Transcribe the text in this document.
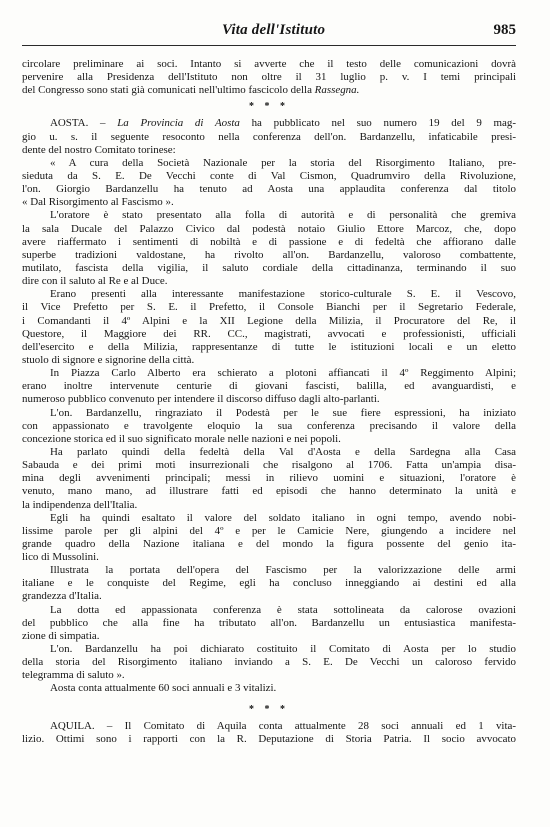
Vita dell'Istituto	985
circolare preliminare ai soci. Intanto si avverte che il testo delle comunicazioni dovrà
pervenire alla Presidenza dell'Istituto non oltre il 31 luglio p. v. I temi principali
del Congresso sono stati già comunicati nell'ultimo fascicolo della Rassegna.
* * *
AOSTA. – La Provincia di Aosta ha pubblicato nel suo numero 19 del 9 mag-
gio u. s. il seguente resoconto nella conferenza dell'on. Bardanzellu, infaticabile presi-
dente del nostro Comitato torinese:
« A cura della Società Nazionale per la storia del Risorgimento Italiano, pre-
sieduta da S. E. De Vecchi conte di Val Cismon, Quadrumviro della Rivoluzione,
l'on. Giorgio Bardanzellu ha tenuto ad Aosta una applaudita conferenza dal titolo
« Dal Risorgimento al Fascismo ».
L'oratore è stato presentato alla folla di autorità e di personalità che gremiva
la sala Ducale del Palazzo Civico dal podestà notaio Giulio Ettore Marcoz, che, dopo
avere riaffermato i sentimenti di nobiltà e di passione e di fedeltà che affiorano dalle
superbe tradizioni valdostane, ha rivolto all'on. Bardanzellu, valoroso combattente,
mutilato, fascista della vigilia, il saluto cordiale della cittadinanza, terminando il suo
dire con il saluto al Re e al Duce.
Erano presenti alla interessante manifestazione storico-culturale S. E. il Vescovo,
il Vice Prefetto per S. E. il Prefetto, il Console Bianchi per il Segretario Federale,
i Comandanti il 4º Alpini e la XII Legione della Milizia, il Procuratore del Re, il
Questore, il Maggiore dei RR. CC., magistrati, avvocati e professionisti, ufficiali
dell'esercito e della Milizia, rappresentanze di tutte le istituzioni locali e un eletto
stuolo di signore e signorine della città.
In Piazza Carlo Alberto era schierato a plotoni affiancati il 4º Reggimento Alpini;
erano inoltre intervenute centurie di giovani fascisti, balilla, ed avanguardisti, e
numeroso pubblico convenuto per intendere il discorso diffuso dagli alto-parlanti.
L'on. Bardanzellu, ringraziato il Podestà per le sue fiere espressioni, ha iniziato
con appassionato e travolgente eloquio la sua conferenza precisando il valore della
concezione storica ed il suo significato morale nelle nazioni e nei popoli.
Ha parlato quindi della fedeltà della Val d'Aosta e della Sardegna alla Casa
Sabauda e dei primi moti insurrezionali che risalgono al 1706. Fatta un'ampia disa-
mina degli avvenimenti principali; messi in rilievo uomini e situazioni, l'oratore è
venuto, mano mano, ad illustrare fatti ed episodi che hanno determinato la unità e
la indipendenza dell'Italia.
Egli ha quindi esaltato il valore del soldato italiano in ogni tempo, avendo nobi-
lissime parole per gli alpini del 4º e per le Camicie Nere, giungendo a incidere nel
grande quadro della Nazione italiana e del mondo la figura possente del genio ita-
lico di Mussolini.
Illustrata la portata dell'opera del Fascismo per la valorizzazione delle armi
italiane e le conquiste del Regime, egli ha concluso inneggiando ai destini ed alla
grandezza d'Italia.
La dotta ed appassionata conferenza è stata sottolineata da calorose ovazioni
del pubblico che alla fine ha tributato all'on. Bardanzellu un entusiastica manifesta-
zione di simpatia.
L'on. Bardanzellu ha poi dichiarato costituito il Comitato di Aosta per lo studio
della storia del Risorgimento italiano inviando a S. E. De Vecchi un caloroso fervido
telegramma di saluto ».
Aosta conta attualmente 60 soci annuali e 3 vitalizi.
* * *
AQUILA. – Il Comitato di Aquila conta attualmente 28 soci annuali ed 1 vita-
lizio. Ottimi sono i rapporti con la R. Deputazione di Storia Patria. Il socio avvocato
